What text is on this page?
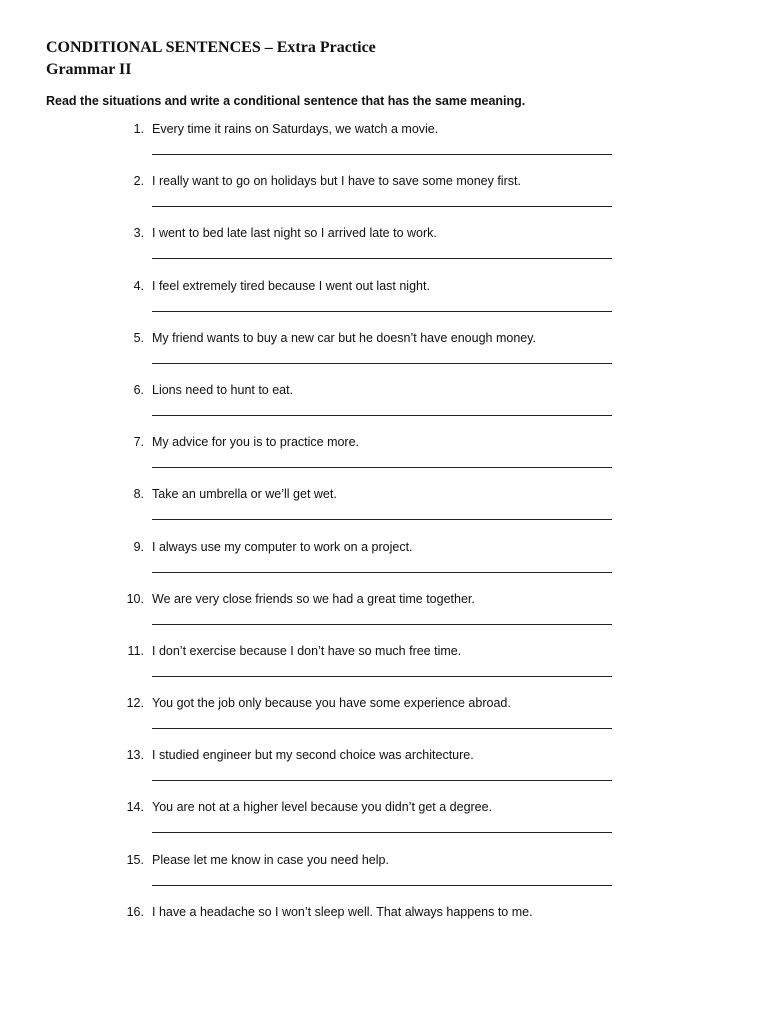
CONDITIONAL SENTENCES – Extra Practice
Grammar II

Read the situations and write a conditional sentence that has the same meaning.

1. Every time it rains on Saturdays, we watch a movie.
2. I really want to go on holidays but I have to save some money first.
3. I went to bed late last night so I arrived late to work.
4. I feel extremely tired because I went out last night.
5. My friend wants to buy a new car but he doesn’t have enough money.
6. Lions need to hunt to eat.
7. My advice for you is to practice more.
8. Take an umbrella or we’ll get wet.
9. I always use my computer to work on a project.
10. We are very close friends so we had a great time together.
11. I don’t exercise because I don’t have so much free time.
12. You got the job only because you have some experience abroad.
13. I studied engineer but my second choice was architecture.
14. You are not at a higher level because you didn’t get a degree.
15. Please let me know in case you need help.
16. I have a headache so I won’t sleep well. That always happens to me.
